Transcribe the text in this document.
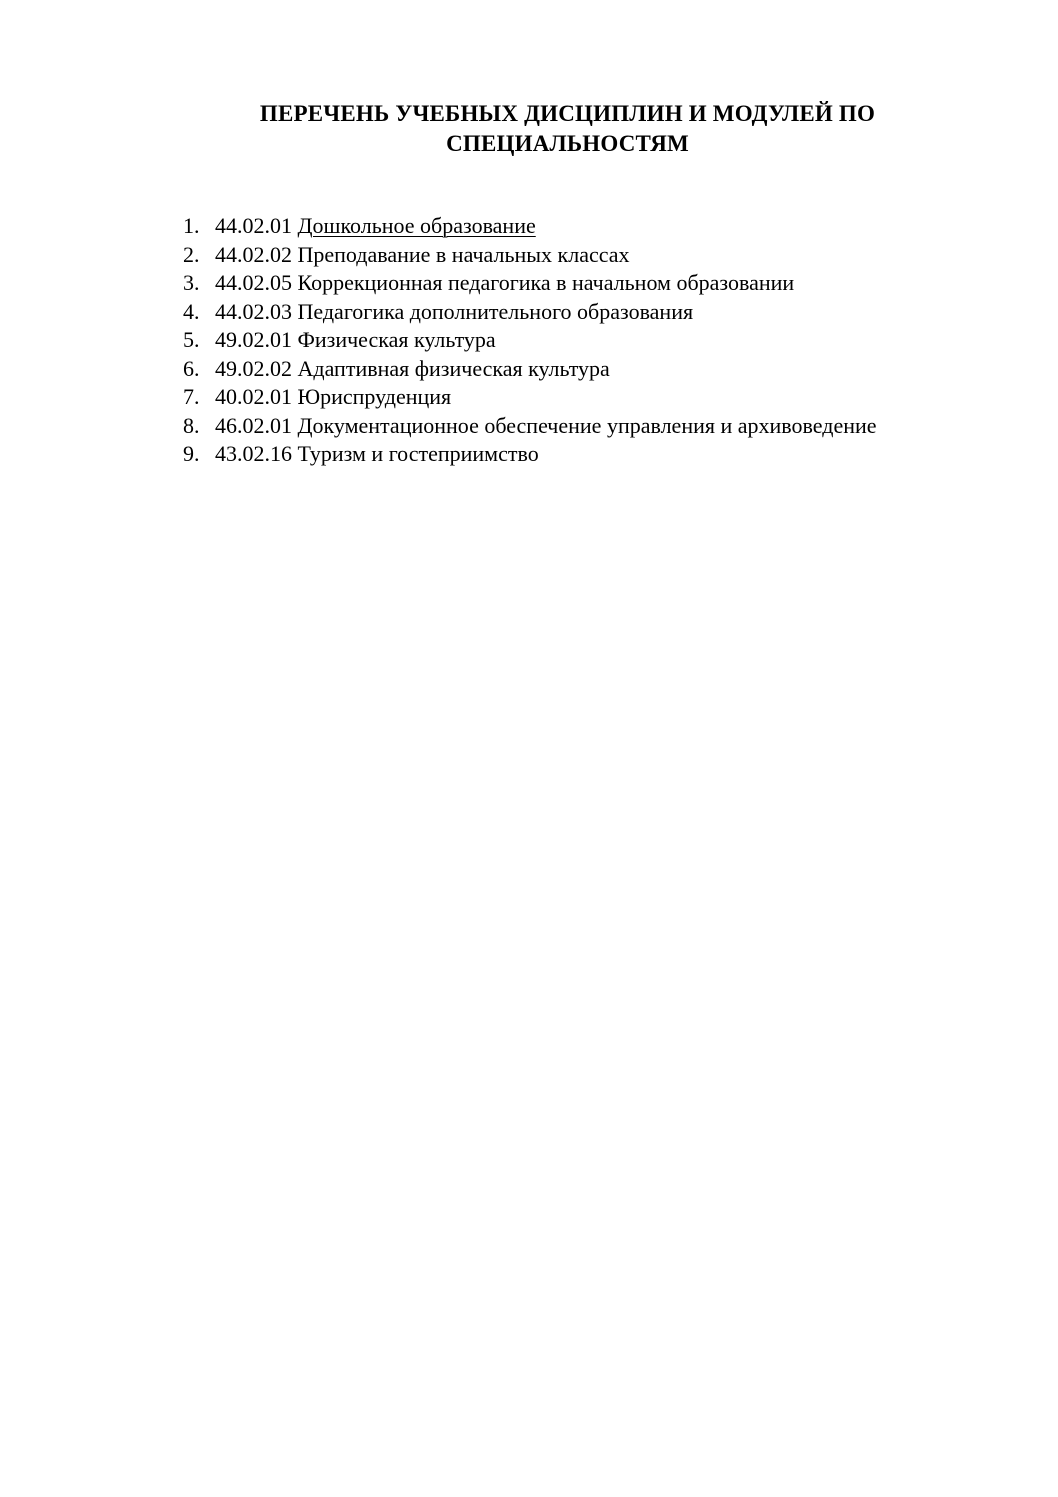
ПЕРЕЧЕНЬ УЧЕБНЫХ ДИСЦИПЛИН И МОДУЛЕЙ ПО
СПЕЦИАЛЬНОСТЯМ
1. 44.02.01 Дошкольное образование
2. 44.02.02 Преподавание в начальных классах
3. 44.02.05 Коррекционная педагогика в начальном образовании
4. 44.02.03 Педагогика дополнительного образования
5. 49.02.01 Физическая культура
6. 49.02.02 Адаптивная физическая культура
7. 40.02.01 Юриспруденция
8. 46.02.01 Документационное обеспечение управления и архивоведение
9. 43.02.16 Туризм и гостеприимство
